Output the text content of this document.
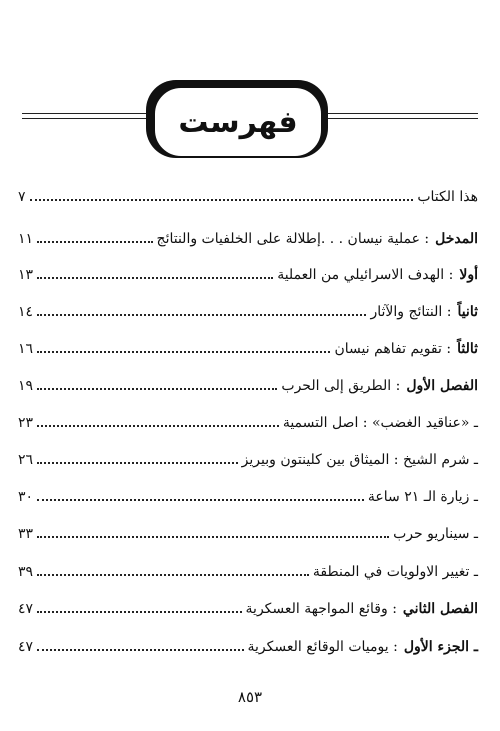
فهرست
هذا الكتاب
٧
المدخل: عملية نيسان . . .إطلالة على الخلفيات والنتائج
١١
أولا: الهدف الاسرائيلي من العملية
١٣
ثانياً: النتائج والآثار
١٤
ثالثاً: تقويم تفاهم نيسان
١٦
الفصل الأول: الطريق إلى الحرب
١٩
ـ «عناقيد الغضب» : اصل التسمية
٢٣
ـ شرم الشيخ : الميثاق بين كلينتون وبيريز
٢٦
ـ زيارة الـ ٢١ ساعة
٣٠
ـ سيناريو حرب
٣٣
ـ تغيير الاولويات في المنطقة
٣٩
الفصل الثاني: وقائع المواجهة العسكرية
٤٧
ـ الجزء الأول: يوميات الوقائع العسكرية
٤٧
٨٥٣
